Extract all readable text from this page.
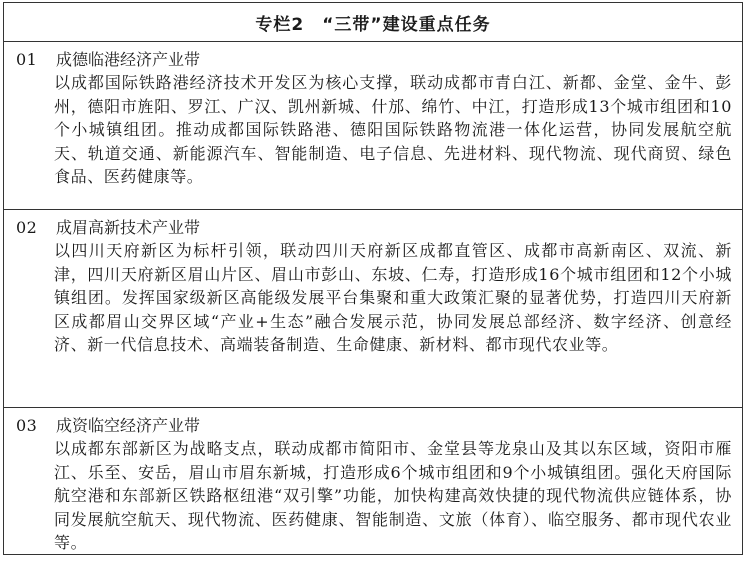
专栏2　“三带”建设重点任务
01 成德临港经济产业带
以成都国际铁路港经济技术开发区为核心支撑，联动成都市青白江、新都、金堂、金牛、彭州，德阳市旌阳、罗江、广汉、凯州新城、什邡、绵竹、中江，打造形成13个城市组团和10个小城镇组团。推动成都国际铁路港、德阳国际铁路物流港一体化运营，协同发展航空航天、轨道交通、新能源汽车、智能制造、电子信息、先进材料、现代物流、现代商贸、绿色食品、医药健康等。
02 成眉高新技术产业带
以四川天府新区为标杆引领，联动四川天府新区成都直管区、成都市高新南区、双流、新津，四川天府新区眉山片区、眉山市彭山、东坡、仁寿，打造形成16个城市组团和12个小城镇组团。发挥国家级新区高能级发展平台集聚和重大政策汇聚的显著优势，打造四川天府新区成都眉山交界区域“产业+生态”融合发展示范，协同发展总部经济、数字经济、创意经济、新一代信息技术、高端装备制造、生命健康、新材料、都市现代农业等。
03 成资临空经济产业带
以成都东部新区为战略支点，联动成都市简阳市、金堂县等龙泉山及其以东区域，资阳市雁江、乐至、安岳，眉山市眉东新城，打造形成6个城市组团和9个小城镇组团。强化天府国际航空港和东部新区铁路枢纽港“双引擎”功能，加快构建高效快捷的现代物流供应链体系，协同发展航空航天、现代物流、医药健康、智能制造、文旅（体育）、临空服务、都市现代农业等。
